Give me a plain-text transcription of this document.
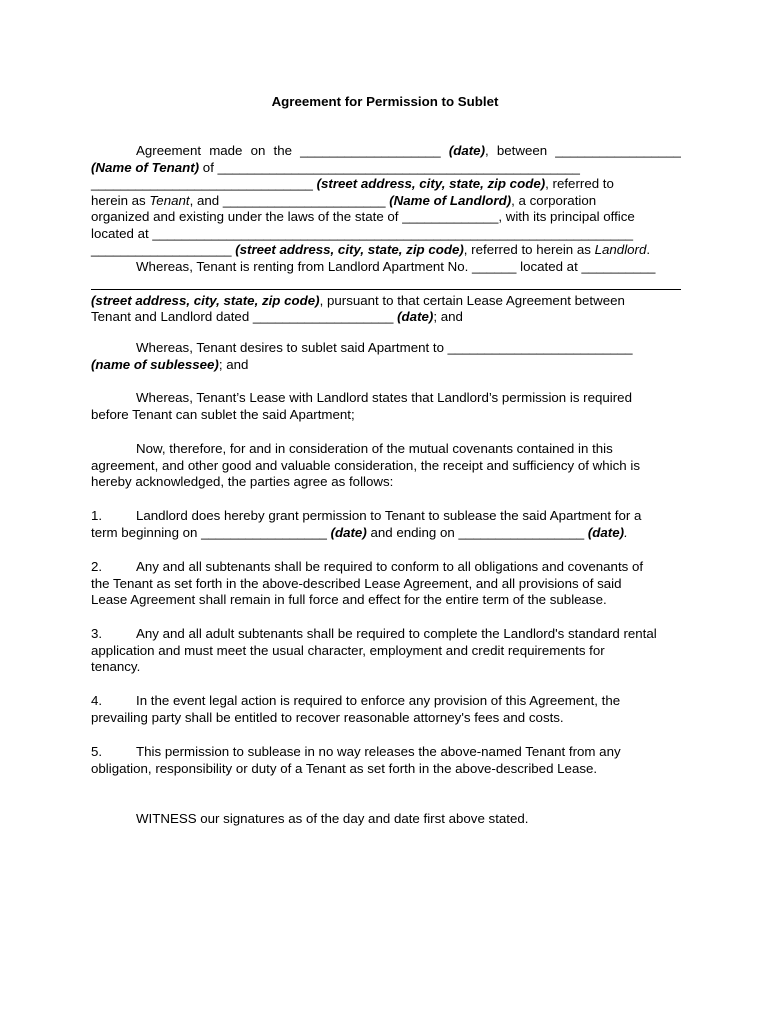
Agreement for Permission to Sublet
Agreement made on the ___________________ (date), between _________________
(Name of Tenant) of _________________________________________________
______________________________ (street address, city, state, zip code), referred to
herein as Tenant, and ______________________ (Name of Landlord), a corporation
organized and existing under the laws of the state of _____________, with its principal office
located at _________________________________________________________________
___________________ (street address, city, state, zip code), referred to herein as Landlord.
Whereas, Tenant is renting from Landlord Apartment No. ______ located at __________
(street address, city, state, zip code), pursuant to that certain Lease Agreement between
Tenant and Landlord dated ___________________ (date); and
Whereas, Tenant desires to sublet said Apartment to _________________________
(name of sublessee); and
Whereas, Tenant’s Lease with Landlord states that Landlord’s permission is required
before Tenant can sublet the said Apartment;
Now, therefore, for and in consideration of the mutual covenants contained in this
agreement, and other good and valuable consideration, the receipt and sufficiency of which is
hereby acknowledged, the parties agree as follows:
1.	Landlord does hereby grant permission to Tenant to sublease the said Apartment for a
term beginning on _________________ (date) and ending on _________________ (date).
2.	Any and all subtenants shall be required to conform to all obligations and covenants of
the Tenant as set forth in the above-described Lease Agreement, and all provisions of said
Lease Agreement shall remain in full force and effect for the entire term of the sublease.
3.	Any and all adult subtenants shall be required to complete the Landlord's standard rental
application and must meet the usual character, employment and credit requirements for
tenancy.
4.	In the event legal action is required to enforce any provision of this Agreement, the
prevailing party shall be entitled to recover reasonable attorney's fees and costs.
5.	This permission to sublease in no way releases the above-named Tenant from any
obligation, responsibility or duty of a Tenant as set forth in the above-described Lease.
WITNESS our signatures as of the day and date first above stated.
